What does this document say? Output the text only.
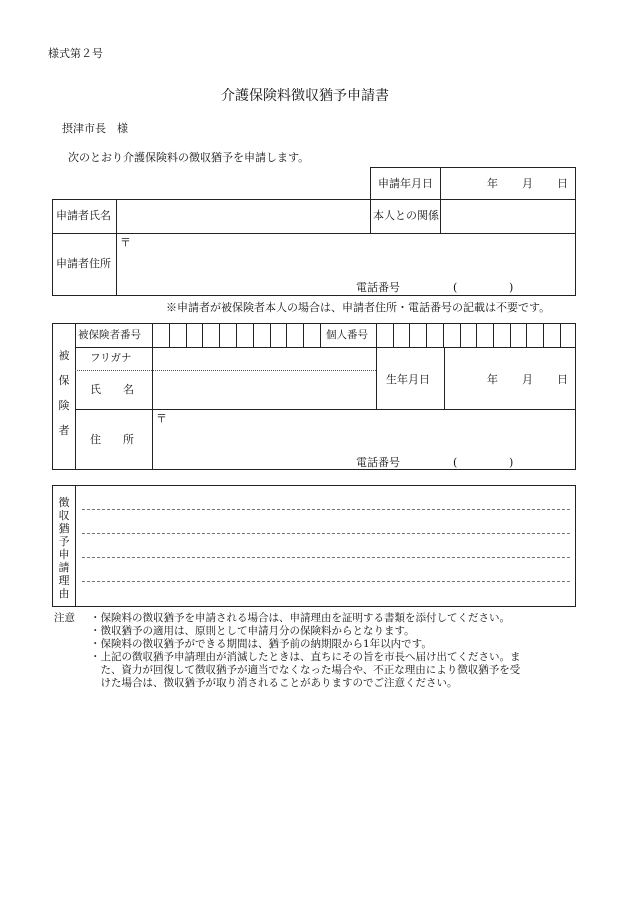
様式第２号
介護保険料徴収猶予申請書
摂津市長　様
次のとおり介護保険料の徴収猶予を申請します。
申請年月日	年 月 日
申請者氏名	本人との関係
申請者住所
〒
電話番号	(	)
※申請者が被保険者本人の場合は、申請者住所・電話番号の記載は不要です。
被
保
険
者
被保険者番号	個人番号
フリガナ
氏　　名
生年月日	年 月 日
住　　所
〒
電話番号	(	)
徴
収
猶
予
申
請
理
由
注意 ・保険料の徴収猶予を申請される場合は、申請理由を証明する書類を添付してください。
・徴収猶予の適用は、原則として申請月分の保険料からとなります。
・保険料の徴収猶予ができる期間は、猶予前の納期限から1年以内です。
・上記の徴収猶予申請理由が消滅したときは、直ちにその旨を市長へ届け出てください。ま
　た、資力が回復して徴収猶予が適当でなくなった場合や、不正な理由により徴収猶予を受
　けた場合は、徴収猶予が取り消されることがありますのでご注意ください。
